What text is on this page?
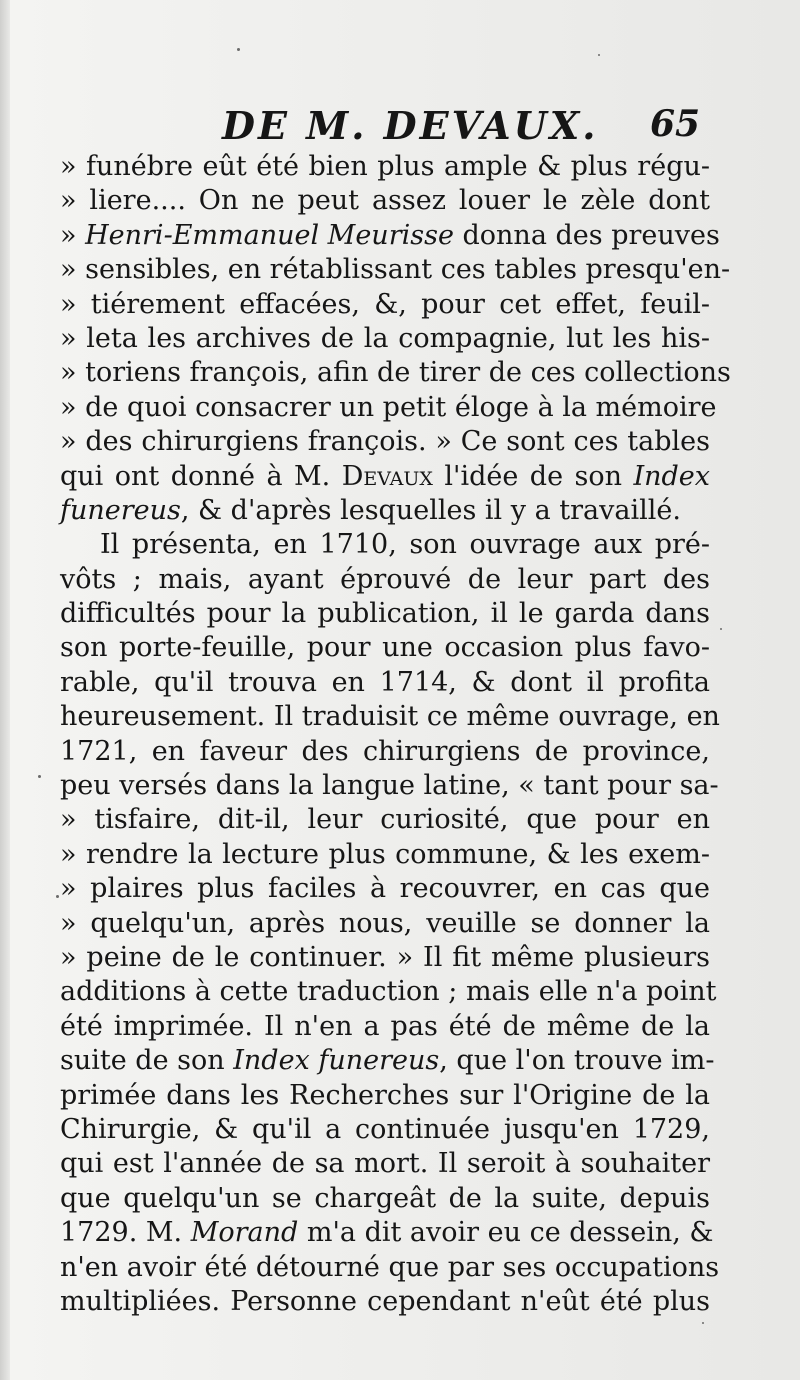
DE M. DEVAUX. 65
» funébre eût été bien plus ample & plus régu-
» liere.... On ne peut assez louer le zèle dont
» Henri-Emmanuel Meurisse donna des preuves
» sensibles, en rétablissant ces tables presqu'en-
» tiérement effacées, &, pour cet effet, feuil-
» leta les archives de la compagnie, lut les his-
» toriens françois, afin de tirer de ces collections
» de quoi consacrer un petit éloge à la mémoire
» des chirurgiens françois. » Ce sont ces tables
qui ont donné à M. Devaux l'idée de son Index
funereus, & d'après lesquelles il y a travaillé.
Il présenta, en 1710, son ouvrage aux pré-
vôts ; mais, ayant éprouvé de leur part des
difficultés pour la publication, il le garda dans
son porte-feuille, pour une occasion plus favo-
rable, qu'il trouva en 1714, & dont il profita
heureusement. Il traduisit ce même ouvrage, en
1721, en faveur des chirurgiens de province,
peu versés dans la langue latine, « tant pour sa-
» tisfaire, dit-il, leur curiosité, que pour en
» rendre la lecture plus commune, & les exem-
» plaires plus faciles à recouvrer, en cas que
» quelqu'un, après nous, veuille se donner la
» peine de le continuer. » Il fit même plusieurs
additions à cette traduction ; mais elle n'a point
été imprimée. Il n'en a pas été de même de la
suite de son Index funereus, que l'on trouve im-
primée dans les Recherches sur l'Origine de la
Chirurgie, & qu'il a continuée jusqu'en 1729,
qui est l'année de sa mort. Il seroit à souhaiter
que quelqu'un se chargeât de la suite, depuis
1729. M. Morand m'a dit avoir eu ce dessein, &
n'en avoir été détourné que par ses occupations
multipliées. Personne cependant n'eût été plus
